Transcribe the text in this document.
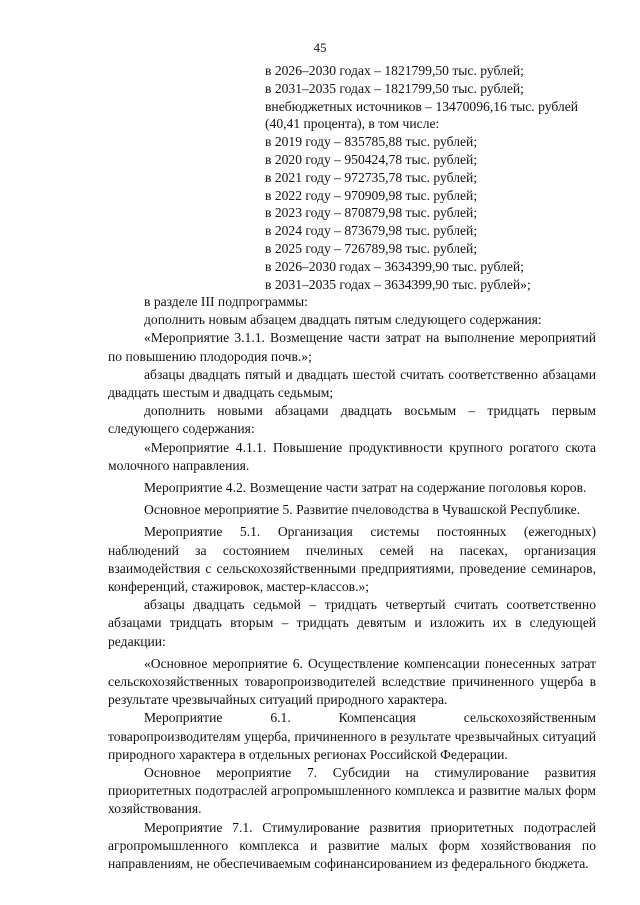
45
в 2026–2030 годах – 1821799,50 тыс. рублей;
в 2031–2035 годах – 1821799,50 тыс. рублей;
внебюджетных источников – 13470096,16 тыс. рублей
(40,41 процента), в том числе:
в 2019 году – 835785,88 тыс. рублей;
в 2020 году – 950424,78 тыс. рублей;
в 2021 году – 972735,78 тыс. рублей;
в 2022 году – 970909,98 тыс. рублей;
в 2023 году – 870879,98 тыс. рублей;
в 2024 году – 873679,98 тыс. рублей;
в 2025 году – 726789,98 тыс. рублей;
в 2026–2030 годах – 3634399,90 тыс. рублей;
в 2031–2035 годах – 3634399,90 тыс. рублей»;

в разделе III подпрограммы:

дополнить новым абзацем двадцать пятым следующего содержания:

«Мероприятие 3.1.1. Возмещение части затрат на выполнение мероприятий по повышению плодородия почв.»;

абзацы двадцать пятый и двадцать шестой считать соответственно абзацами двадцать шестым и двадцать седьмым;

дополнить новыми абзацами двадцать восьмым – тридцать первым следующего содержания:

«Мероприятие 4.1.1. Повышение продуктивности крупного рогатого скота молочного направления.

Мероприятие 4.2. Возмещение части затрат на содержание поголовья коров.

Основное мероприятие 5. Развитие пчеловодства в Чувашской Республике.

Мероприятие 5.1. Организация системы постоянных (ежегодных) наблюдений за состоянием пчелиных семей на пасеках, организация взаимодействия с сельскохозяйственными предприятиями, проведение семинаров, конференций, стажировок, мастер-классов.»;

абзацы двадцать седьмой – тридцать четвертый считать соответственно абзацами тридцать вторым – тридцать девятым и изложить их в следующей редакции:

«Основное мероприятие 6. Осуществление компенсации понесенных затрат сельскохозяйственных товаропроизводителей вследствие причиненного ущерба в результате чрезвычайных ситуаций природного характера.

Мероприятие 6.1. Компенсация сельскохозяйственным товаропроизводителям ущерба, причиненного в результате чрезвычайных ситуаций природного характера в отдельных регионах Российской Федерации.

Основное мероприятие 7. Субсидии на стимулирование развития приоритетных подотраслей агропромышленного комплекса и развитие малых форм хозяйствования.

Мероприятие 7.1. Стимулирование развития приоритетных подотраслей агропромышленного комплекса и развитие малых форм хозяйствования по направлениям, не обеспечиваемым софинансированием из федерального бюджета.
